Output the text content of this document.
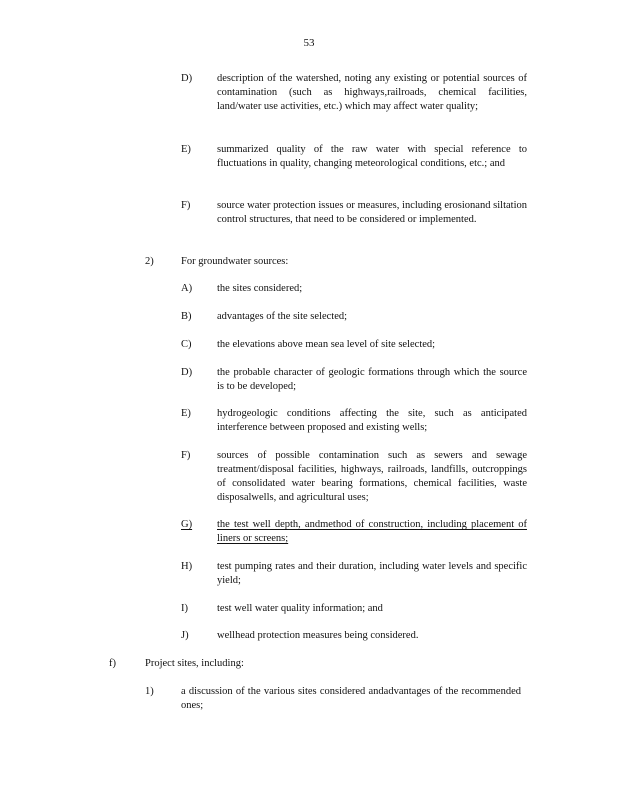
53
D) description of the watershed, noting any existing or potential sources of contamination (such as highways,railroads, chemical facilities, land/water use activities, etc.) which may affect water quality;
E) summarized quality of the raw water with special reference to fluctuations in quality, changing meteorological conditions, etc.; and
F)	source water protection issues or measures, including erosionand siltation control structures, that need to be considered or implemented.
2)	For groundwater sources:
A) the sites considered;
B) advantages of the site selected;
C) the elevations above mean sea level of site selected;
D) the probable character of geologic formations through which the source is to be developed;
E) hydrogeologic conditions affecting the site, such as anticipated interference between proposed and existing wells;
F)	sources of possible contamination such as sewers and sewage treatment/disposal facilities, highways, railroads, landfills, outcroppings of consolidated water bearing formations, chemical facilities, waste disposalwells, and agricultural uses;
G) the test well depth, andmethod of construction, including placement of liners or screens;
H) test pumping rates and their duration, including water levels and specific yield;
I)	test well water quality information; and
J)	wellhead protection measures being considered.
f)	Project sites, including:
1)	a discussion of the various sites considered andadvantages of the recommended ones;
